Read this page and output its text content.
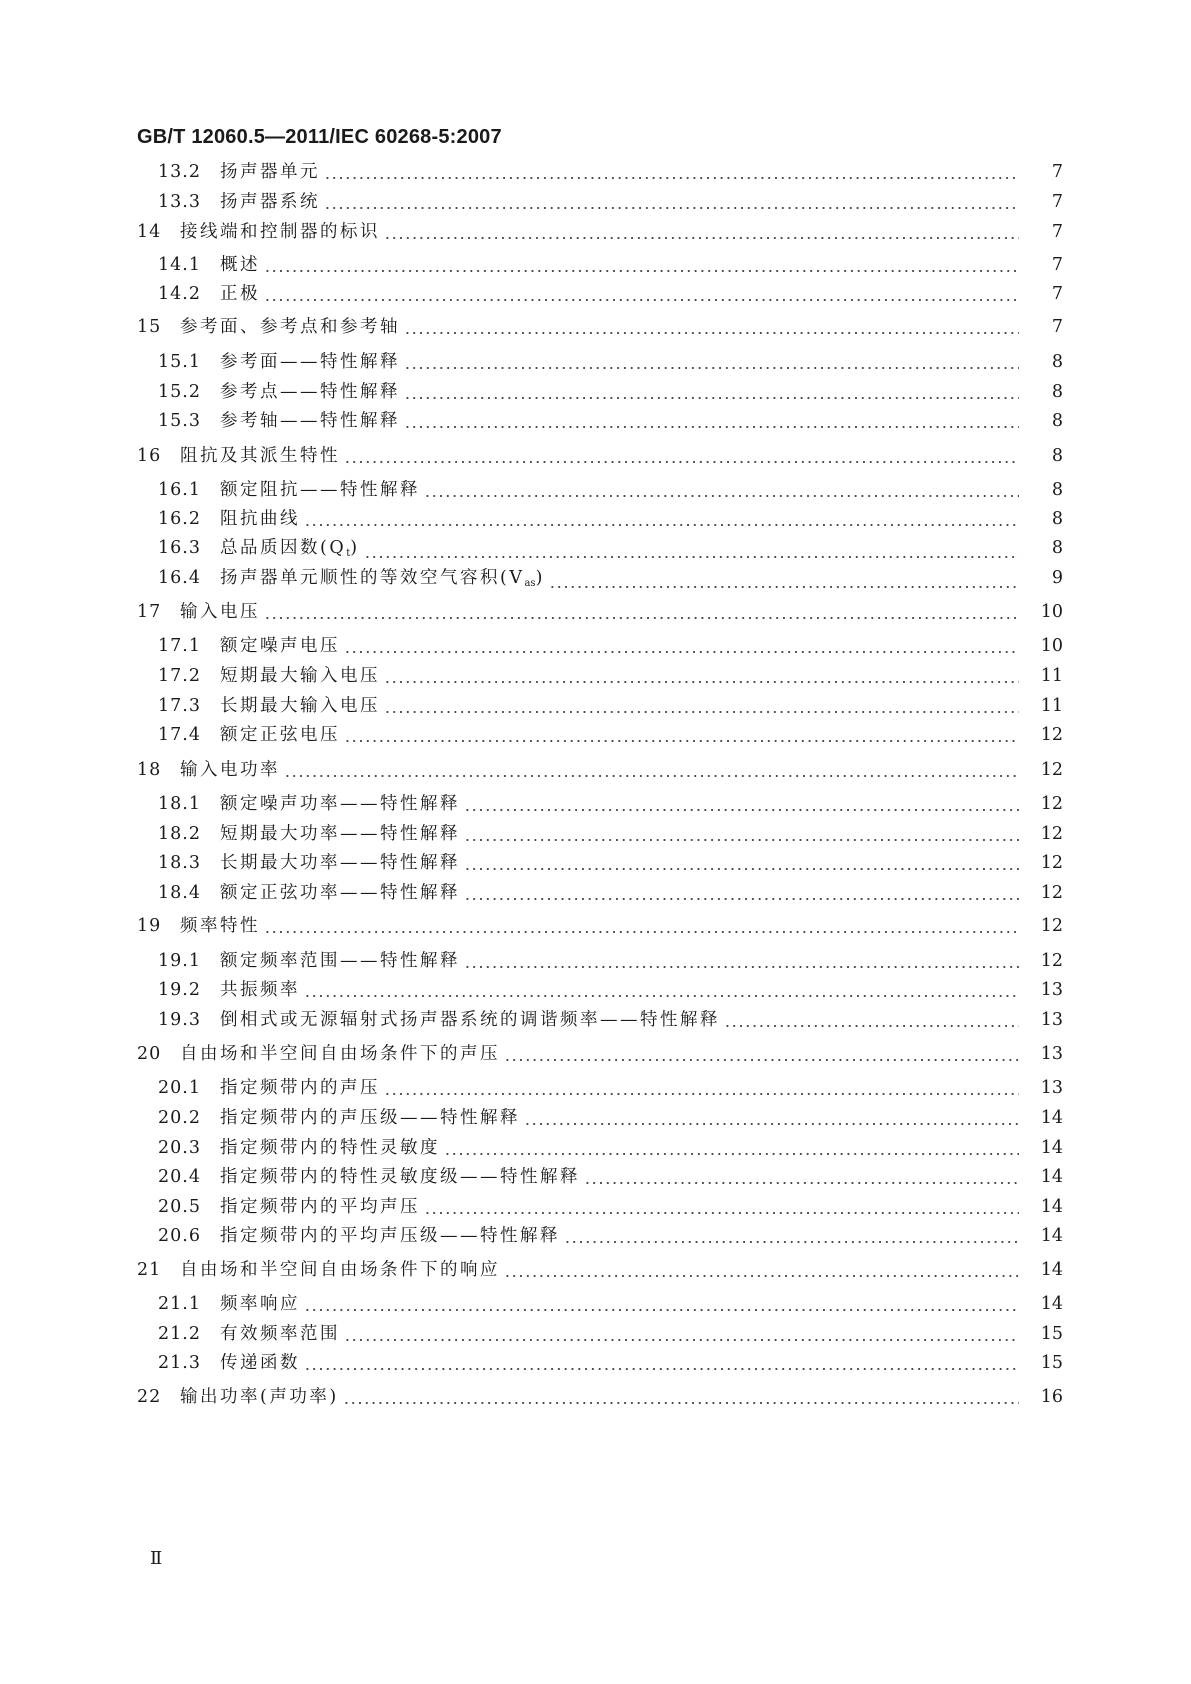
GB/T 12060.5—2011/IEC 60268-5:2007
13.2 扬声器单元	7
13.3 扬声器系统	7
14 接线端和控制器的标识	7
14.1 概述	7
14.2 正极	7
15 参考面、参考点和参考轴	7
15.1 参考面——特性解释	8
15.2 参考点——特性解释	8
15.3 参考轴——特性解释	8
16 阻抗及其派生特性	8
16.1 额定阻抗——特性解释	8
16.2 阻抗曲线	8
16.3 总品质因数$(Q_t)$	8
16.4 扬声器单元顺性的等效空气容积$(V_{as})$	9
17 输入电压	10
17.1 额定噪声电压	10
17.2 短期最大输入电压	11
17.3 长期最大输入电压	11
17.4 额定正弦电压	12
18 输入电功率	12
18.1 额定噪声功率——特性解释	12
18.2 短期最大功率——特性解释	12
18.3 长期最大功率——特性解释	12
18.4 额定正弦功率——特性解释	12
19 频率特性	12
19.1 额定频率范围——特性解释	12
19.2 共振频率	13
19.3 倒相式或无源辐射式扬声器系统的调谐频率——特性解释	13
20 自由场和半空间自由场条件下的声压	13
20.1 指定频带内的声压	13
20.2 指定频带内的声压级——特性解释	14
20.3 指定频带内的特性灵敏度	14
20.4 指定频带内的特性灵敏度级——特性解释	14
20.5 指定频带内的平均声压	14
20.6 指定频带内的平均声压级——特性解释	14
21 自由场和半空间自由场条件下的响应	14
21.1 频率响应	14
21.2 有效频率范围	15
21.3 传递函数	15
22 输出功率(声功率)	16
Ⅱ
